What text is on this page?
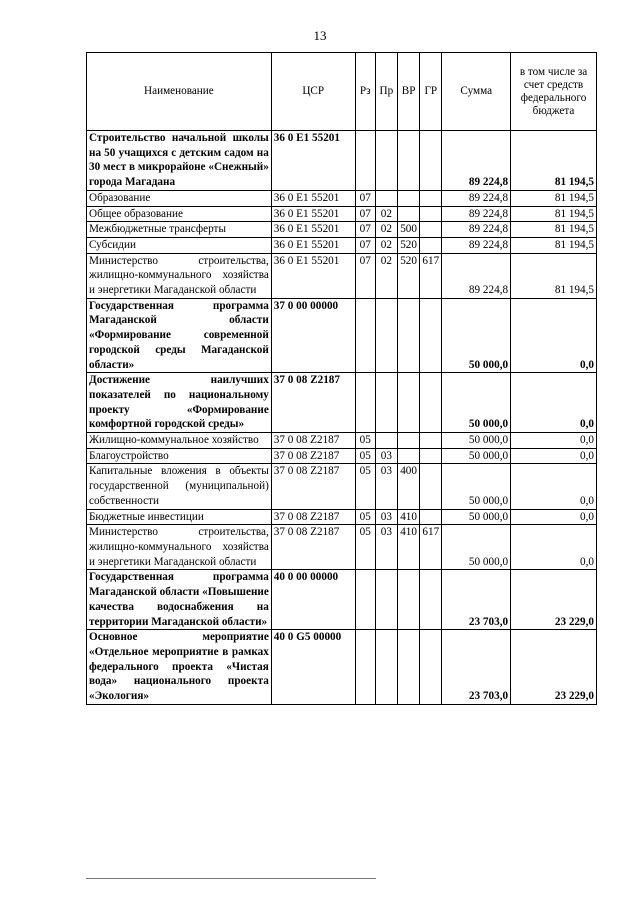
13
Наименование	ЦСР	Рз	Пр	ВР	ГР	Сумма	в том числе за счет средств федерального бюджета
Строительство начальной школы на 50 учащихся с детским садом на 30 мест в микрорайоне «Снежный» города Магадана	36 0 E1 55201					89 224,8	81 194,5
Образование	36 0 E1 55201	07				89 224,8	81 194,5
Общее образование	36 0 E1 55201	07	02			89 224,8	81 194,5
Межбюджетные трансферты	36 0 E1 55201	07	02	500		89 224,8	81 194,5
Субсидии	36 0 E1 55201	07	02	520		89 224,8	81 194,5
Министерство строительства, жилищно-коммунального хозяйства и энергетики Магаданской области	36 0 E1 55201	07	02	520	617	89 224,8	81 194,5
Государственная программа Магаданской области «Формирование современной городской среды Магаданской области»	37 0 00 00000					50 000,0	0,0
Достижение наилучших показателей по национальному проекту «Формирование комфортной городской среды»	37 0 08 Z2187					50 000,0	0,0
Жилищно-коммунальное хозяйство	37 0 08 Z2187	05				50 000,0	0,0
Благоустройство	37 0 08 Z2187	05	03			50 000,0	0,0
Капитальные вложения в объекты государственной (муниципальной) собственности	37 0 08 Z2187	05	03	400		50 000,0	0,0
Бюджетные инвестиции	37 0 08 Z2187	05	03	410		50 000,0	0,0
Министерство строительства, жилищно-коммунального хозяйства и энергетики Магаданской области	37 0 08 Z2187	05	03	410	617	50 000,0	0,0
Государственная программа Магаданской области «Повышение качества водоснабжения на территории Магаданской области»	40 0 00 00000					23 703,0	23 229,0
Основное мероприятие «Отдельное мероприятие в рамках федерального проекта «Чистая вода» национального проекта «Экология»	40 0 G5 00000					23 703,0	23 229,0
